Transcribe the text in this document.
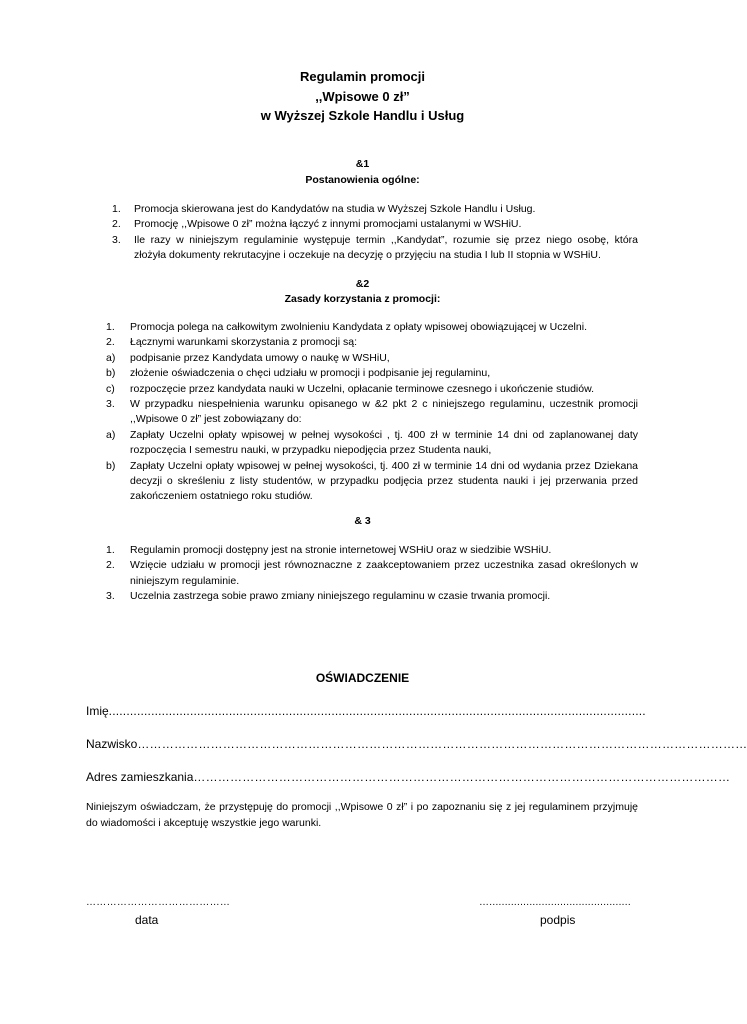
Regulamin promocji
,,Wpisowe 0 zł”
w Wyższej Szkole Handlu i Usług
&1
Postanowienia ogólne:
1.	Promocja skierowana jest do Kandydatów na studia w Wyższej Szkole Handlu i Usług.
2.	Promocję ,,Wpisowe 0 zł” można łączyć z innymi promocjami ustalanymi w WSHiU.
3.	Ile razy w niniejszym regulaminie występuje termin ,,Kandydat”, rozumie się przez niego osobę, która złożyła dokumenty rekrutacyjne i oczekuje na decyzję o przyjęciu na studia I lub II stopnia w WSHiU.
&2
Zasady korzystania z promocji:
1.	Promocja polega na całkowitym zwolnieniu Kandydata z opłaty wpisowej obowiązującej w Uczelni.
2.	Łącznymi warunkami skorzystania z promocji są:
a)	podpisanie przez Kandydata umowy o naukę w WSHiU,
b)	złożenie oświadczenia o chęci udziału w promocji i podpisanie jej regulaminu,
c)	rozpoczęcie przez kandydata nauki w Uczelni, opłacanie terminowe czesnego i ukończenie studiów.
3.	W przypadku niespełnienia warunku opisanego w &2 pkt 2 c niniejszego regulaminu, uczestnik promocji ,,Wpisowe 0 zł” jest zobowiązany do:
a)	Zapłaty Uczelni opłaty wpisowej w pełnej wysokości , tj. 400 zł w terminie 14 dni od zaplanowanej daty rozpoczęcia I semestru nauki, w przypadku niepodjęcia przez Studenta nauki,
b)	Zapłaty Uczelni opłaty wpisowej w pełnej wysokości, tj. 400 zł w terminie 14 dni od wydania przez Dziekana decyzji o skreśleniu z listy studentów, w przypadku podjęcia przez studenta nauki i jej przerwania przed zakończeniem ostatniego roku studiów.
& 3
1.	Regulamin promocji dostępny jest na stronie internetowej WSHiU oraz w siedzibie WSHiU.
2.	Wzięcie udziału w promocji jest równoznaczne z zaakceptowaniem przez uczestnika zasad określonych w niniejszym regulaminie.
3.	Uczelnia zastrzega sobie prawo zmiany niniejszego regulaminu w czasie trwania promocji.
OŚWIADCZENIE
Imię........................................................................................................................................................
Nazwisko……………………………………………………………………………………………………………………………………
Adres zamieszkania……………………………………………………………………………………………………………………
Niniejszym oświadczam, że przystępuję do promocji ,,Wpisowe 0 zł” i po zapoznaniu się z jej regulaminem przyjmuję do wiadomości i akceptuję wszystkie jego warunki.
……………………………………
data
…..............................................
podpis
